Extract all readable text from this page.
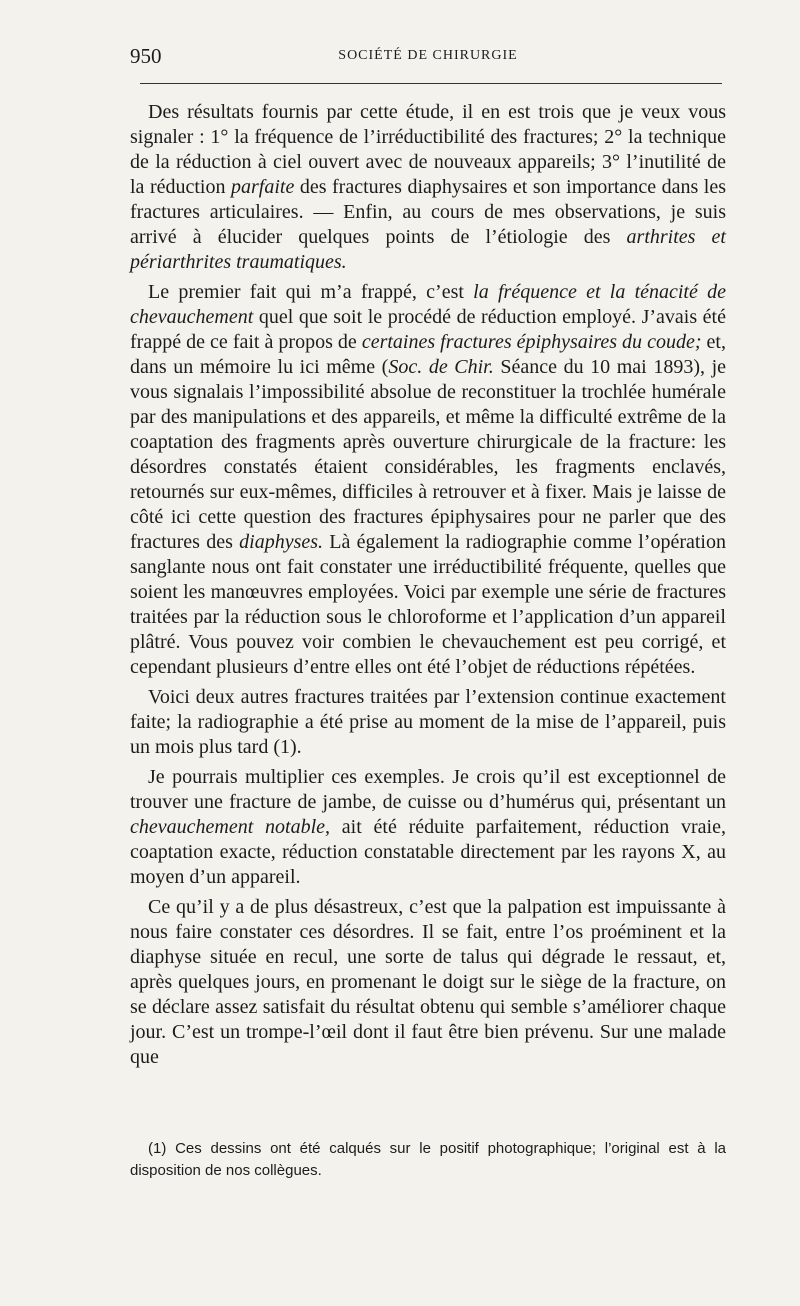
950	SOCIÉTÉ DE CHIRURGIE

Des résultats fournis par cette étude, il en est trois que je veux vous signaler : 1° la fréquence de l’irréductibilité des fractures; 2° la technique de la réduction à ciel ouvert avec de nouveaux appareils; 3° l’inutilité de la réduction parfaite des fractures diaphysaires et son importance dans les fractures articulaires. — Enfin, au cours de mes observations, je suis arrivé à élucider quelques points de l’étiologie des arthrites et périarthrites traumatiques.

Le premier fait qui m’a frappé, c’est la fréquence et la ténacité de chevauchement quel que soit le procédé de réduction employé. J’avais été frappé de ce fait à propos de certaines fractures épiphysaires du coude; et, dans un mémoire lu ici même (Soc. de Chir. Séance du 10 mai 1893), je vous signalais l’impossibilité absolue de reconstituer la trochlée humérale par des manipulations et des appareils, et même la difficulté extrême de la coaptation des fragments après ouverture chirurgicale de la fracture: les désordres constatés étaient considérables, les fragments enclavés, retournés sur eux-mêmes, difficiles à retrouver et à fixer. Mais je laisse de côté ici cette question des fractures épiphysaires pour ne parler que des fractures des diaphyses. Là également la radiographie comme l’opération sanglante nous ont fait constater une irréductibilité fréquente, quelles que soient les manœuvres employées. Voici par exemple une série de fractures traitées par la réduction sous le chloroforme et l’application d’un appareil plâtré. Vous pouvez voir combien le chevauchement est peu corrigé, et cependant plusieurs d’entre elles ont été l’objet de réductions répétées.

Voici deux autres fractures traitées par l’extension continue exactement faite; la radiographie a été prise au moment de la mise de l’appareil, puis un mois plus tard (1).

Je pourrais multiplier ces exemples. Je crois qu’il est exceptionnel de trouver une fracture de jambe, de cuisse ou d’humérus qui, présentant un chevauchement notable, ait été réduite parfaitement, réduction vraie, coaptation exacte, réduction constatable directement par les rayons X, au moyen d’un appareil.

Ce qu’il y a de plus désastreux, c’est que la palpation est impuissante à nous faire constater ces désordres. Il se fait, entre l’os proéminent et la diaphyse située en recul, une sorte de talus qui dégrade le ressaut, et, après quelques jours, en promenant le doigt sur le siège de la fracture, on se déclare assez satisfait du résultat obtenu qui semble s’améliorer chaque jour. C’est un trompe-l’œil dont il faut être bien prévenu. Sur une malade que

(1) Ces dessins ont été calqués sur le positif photographique; l’original est à la disposition de nos collègues.
